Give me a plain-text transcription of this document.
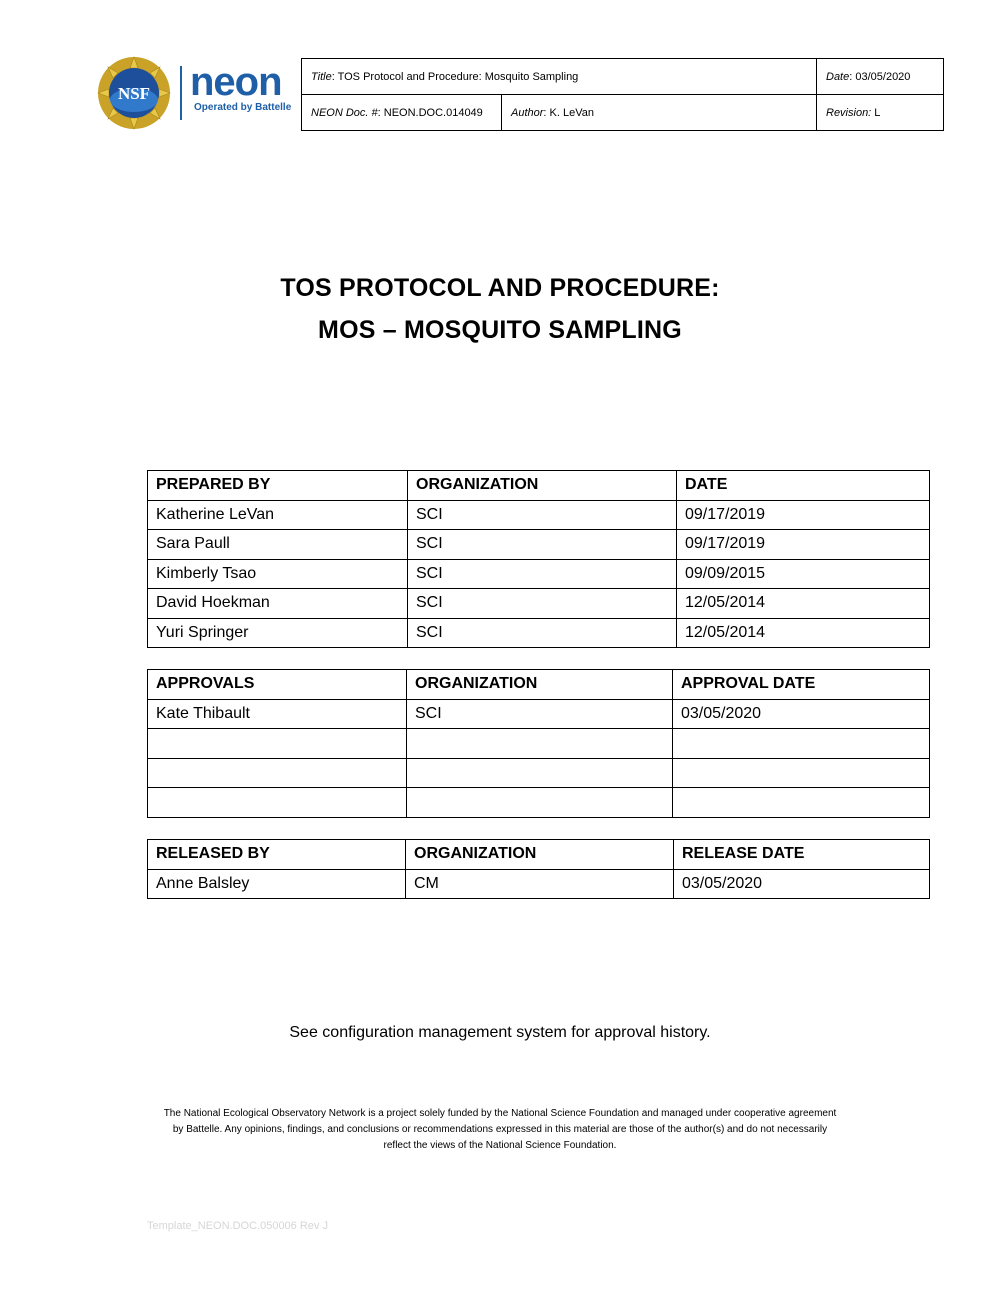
NSF neon
Operated by Battelle
Title: TOS Protocol and Procedure: Mosquito Sampling		Date: 03/05/2020
NEON Doc. #: NEON.DOC.014049	Author: K. LeVan	Revision: L
TOS PROTOCOL AND PROCEDURE:
MOS – MOSQUITO SAMPLING
PREPARED BY	ORGANIZATION	DATE
Katherine LeVan	SCI	09/17/2019
Sara Paull	SCI	09/17/2019
Kimberly Tsao	SCI	09/09/2015
David Hoekman	SCI	12/05/2014
Yuri Springer	SCI	12/05/2014
APPROVALS	ORGANIZATION	APPROVAL DATE
Kate Thibault	SCI	03/05/2020

RELEASED BY	ORGANIZATION	RELEASE DATE
Anne Balsley	CM	03/05/2020
See configuration management system for approval history.
The National Ecological Observatory Network is a project solely funded by the National Science Foundation and managed under cooperative agreement
by Battelle. Any opinions, findings, and conclusions or recommendations expressed in this material are those of the author(s) and do not necessarily
reflect the views of the National Science Foundation.
Template_NEON.DOC.050006 Rev J
